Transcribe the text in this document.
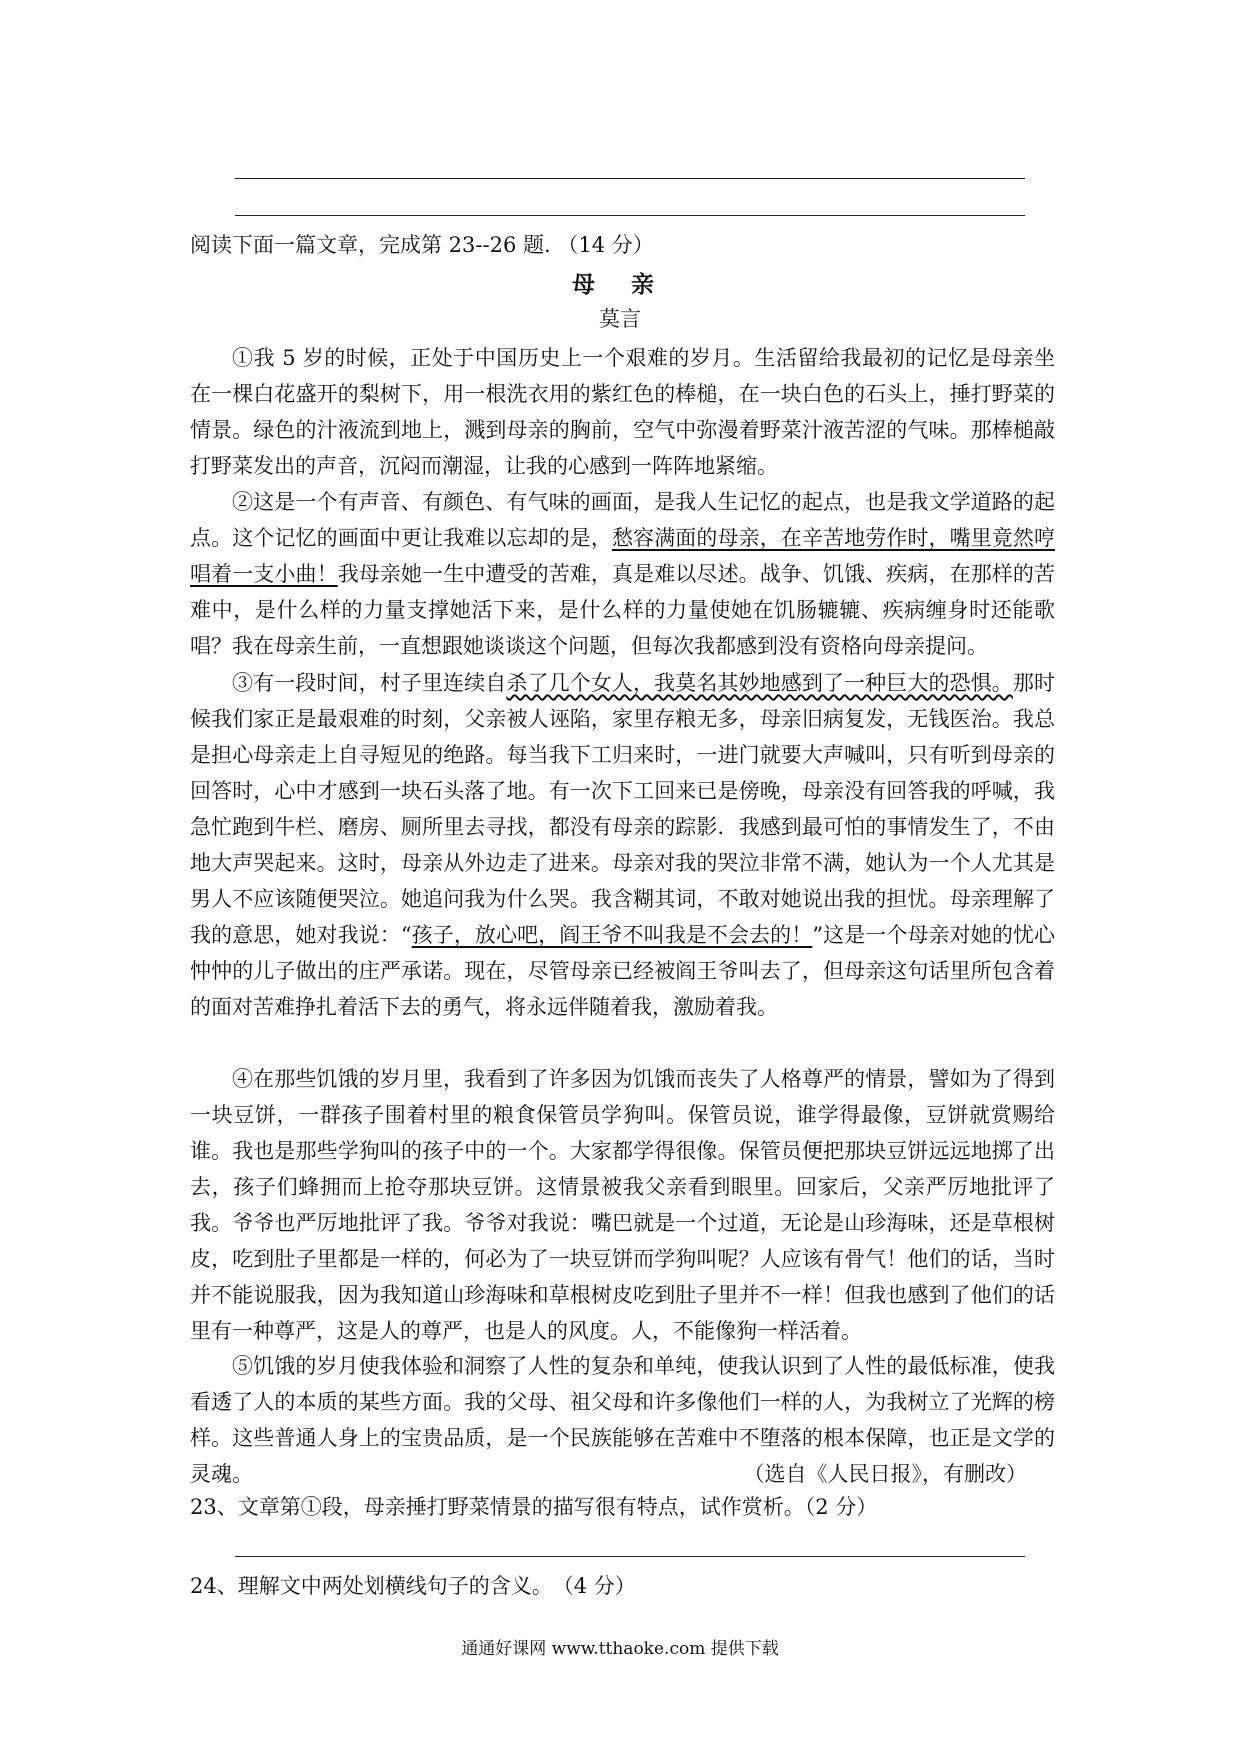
阅读下面一篇文章，完成第 23--26 题. （14 分）
母 亲
莫言
①我 5 岁的时候，正处于中国历史上一个艰难的岁月。生活留给我最初的记忆是母亲坐在一棵白花盛开的梨树下，用一根洗衣用的紫红色的棒槌，在一块白色的石头上，捶打野菜的情景。绿色的汁液流到地上，溅到母亲的胸前，空气中弥漫着野菜汁液苦涩的气味。那棒槌敲打野菜发出的声音，沉闷而潮湿，让我的心感到一阵阵地紧缩。
②这是一个有声音、有颜色、有气味的画面，是我人生记忆的起点，也是我文学道路的起点。这个记忆的画面中更让我难以忘却的是，愁容满面的母亲，在辛苦地劳作时，嘴里竟然哼唱着一支小曲！我母亲她一生中遭受的苦难，真是难以尽述。战争、饥饿、疾病，在那样的苦难中，是什么样的力量支撑她活下来，是什么样的力量使她在饥肠辘辘、疾病缠身时还能歌唱？我在母亲生前，一直想跟她谈谈这个问题，但每次我都感到没有资格向母亲提问。
③有一段时间，村子里连续自杀了几个女人，我莫名其妙地感到了一种巨大的恐惧。那时候我们家正是最艰难的时刻，父亲被人诬陷，家里存粮无多，母亲旧病复发，无钱医治。我总是担心母亲走上自寻短见的绝路。每当我下工归来时，一进门就要大声喊叫，只有听到母亲的回答时，心中才感到一块石头落了地。有一次下工回来已是傍晚，母亲没有回答我的呼喊，我急忙跑到牛栏、磨房、厕所里去寻找，都没有母亲的踪影．我感到最可怕的事情发生了，不由地大声哭起来。这时，母亲从外边走了进来。母亲对我的哭泣非常不满，她认为一个人尤其是男人不应该随便哭泣。她追问我为什么哭。我含糊其词，不敢对她说出我的担忧。母亲理解了我的意思，她对我说：“孩子，放心吧，阎王爷不叫我是不会去的！”这是一个母亲对她的忧心忡忡的儿子做出的庄严承诺。现在，尽管母亲已经被阎王爷叫去了，但母亲这句话里所包含着的面对苦难挣扎着活下去的勇气，将永远伴随着我，激励着我。
④在那些饥饿的岁月里，我看到了许多因为饥饿而丧失了人格尊严的情景，譬如为了得到一块豆饼，一群孩子围着村里的粮食保管员学狗叫。保管员说，谁学得最像，豆饼就赏赐给谁。我也是那些学狗叫的孩子中的一个。大家都学得很像。保管员便把那块豆饼远远地掷了出去，孩子们蜂拥而上抢夺那块豆饼。这情景被我父亲看到眼里。回家后，父亲严厉地批评了我。爷爷也严厉地批评了我。爷爷对我说：嘴巴就是一个过道，无论是山珍海味，还是草根树皮，吃到肚子里都是一样的，何必为了一块豆饼而学狗叫呢？人应该有骨气！他们的话，当时并不能说服我，因为我知道山珍海味和草根树皮吃到肚子里并不一样！但我也感到了他们的话里有一种尊严，这是人的尊严，也是人的风度。人，不能像狗一样活着。
⑤饥饿的岁月使我体验和洞察了人性的复杂和单纯，使我认识到了人性的最低标准，使我看透了人的本质的某些方面。我的父母、祖父母和许多像他们一样的人，为我树立了光辉的榜样。这些普通人身上的宝贵品质，是一个民族能够在苦难中不堕落的根本保障，也正是文学的灵魂。	（选自《人民日报》，有删改）
23、文章第①段，母亲捶打野菜情景的描写很有特点，试作赏析。（2 分）
24、理解文中两处划横线句子的含义。　（4 分）
通通好课网 www.tthaoke.com 提供下载
